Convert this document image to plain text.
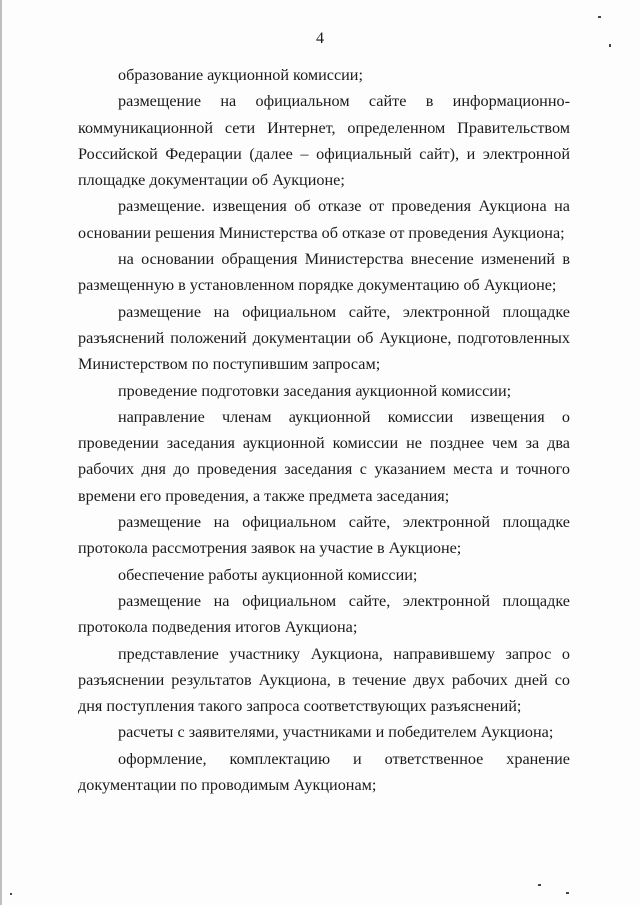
4

образование аукционной комиссии;

размещение на официальном сайте в информационно-коммуникационной сети Интернет, определенном Правительством Российской Федерации (далее – официальный сайт), и электронной площадке документации об Аукционе;

размещение. извещения об отказе от проведения Аукциона на основании решения Министерства об отказе от проведения Аукциона;

на основании обращения Министерства внесение изменений в размещенную в установленном порядке документацию об Аукционе;

размещение на официальном сайте, электронной площадке разъяснений положений документации об Аукционе, подготовленных Министерством по поступившим запросам;

проведение подготовки заседания аукционной комиссии;

направление членам аукционной комиссии извещения о проведении заседания аукционной комиссии не позднее чем за два рабочих дня до проведения заседания с указанием места и точного времени его проведения, а также предмета заседания;

размещение на официальном сайте, электронной площадке протокола рассмотрения заявок на участие в Аукционе;

обеспечение работы аукционной комиссии;

размещение на официальном сайте, электронной площадке протокола подведения итогов Аукциона;

представление участнику Аукциона, направившему запрос о разъяснении результатов Аукциона, в течение двух рабочих дней со дня поступления такого запроса соответствующих разъяснений;

расчеты с заявителями, участниками и победителем Аукциона;

оформление, комплектацию и ответственное хранение документации по проводимым Аукционам;
